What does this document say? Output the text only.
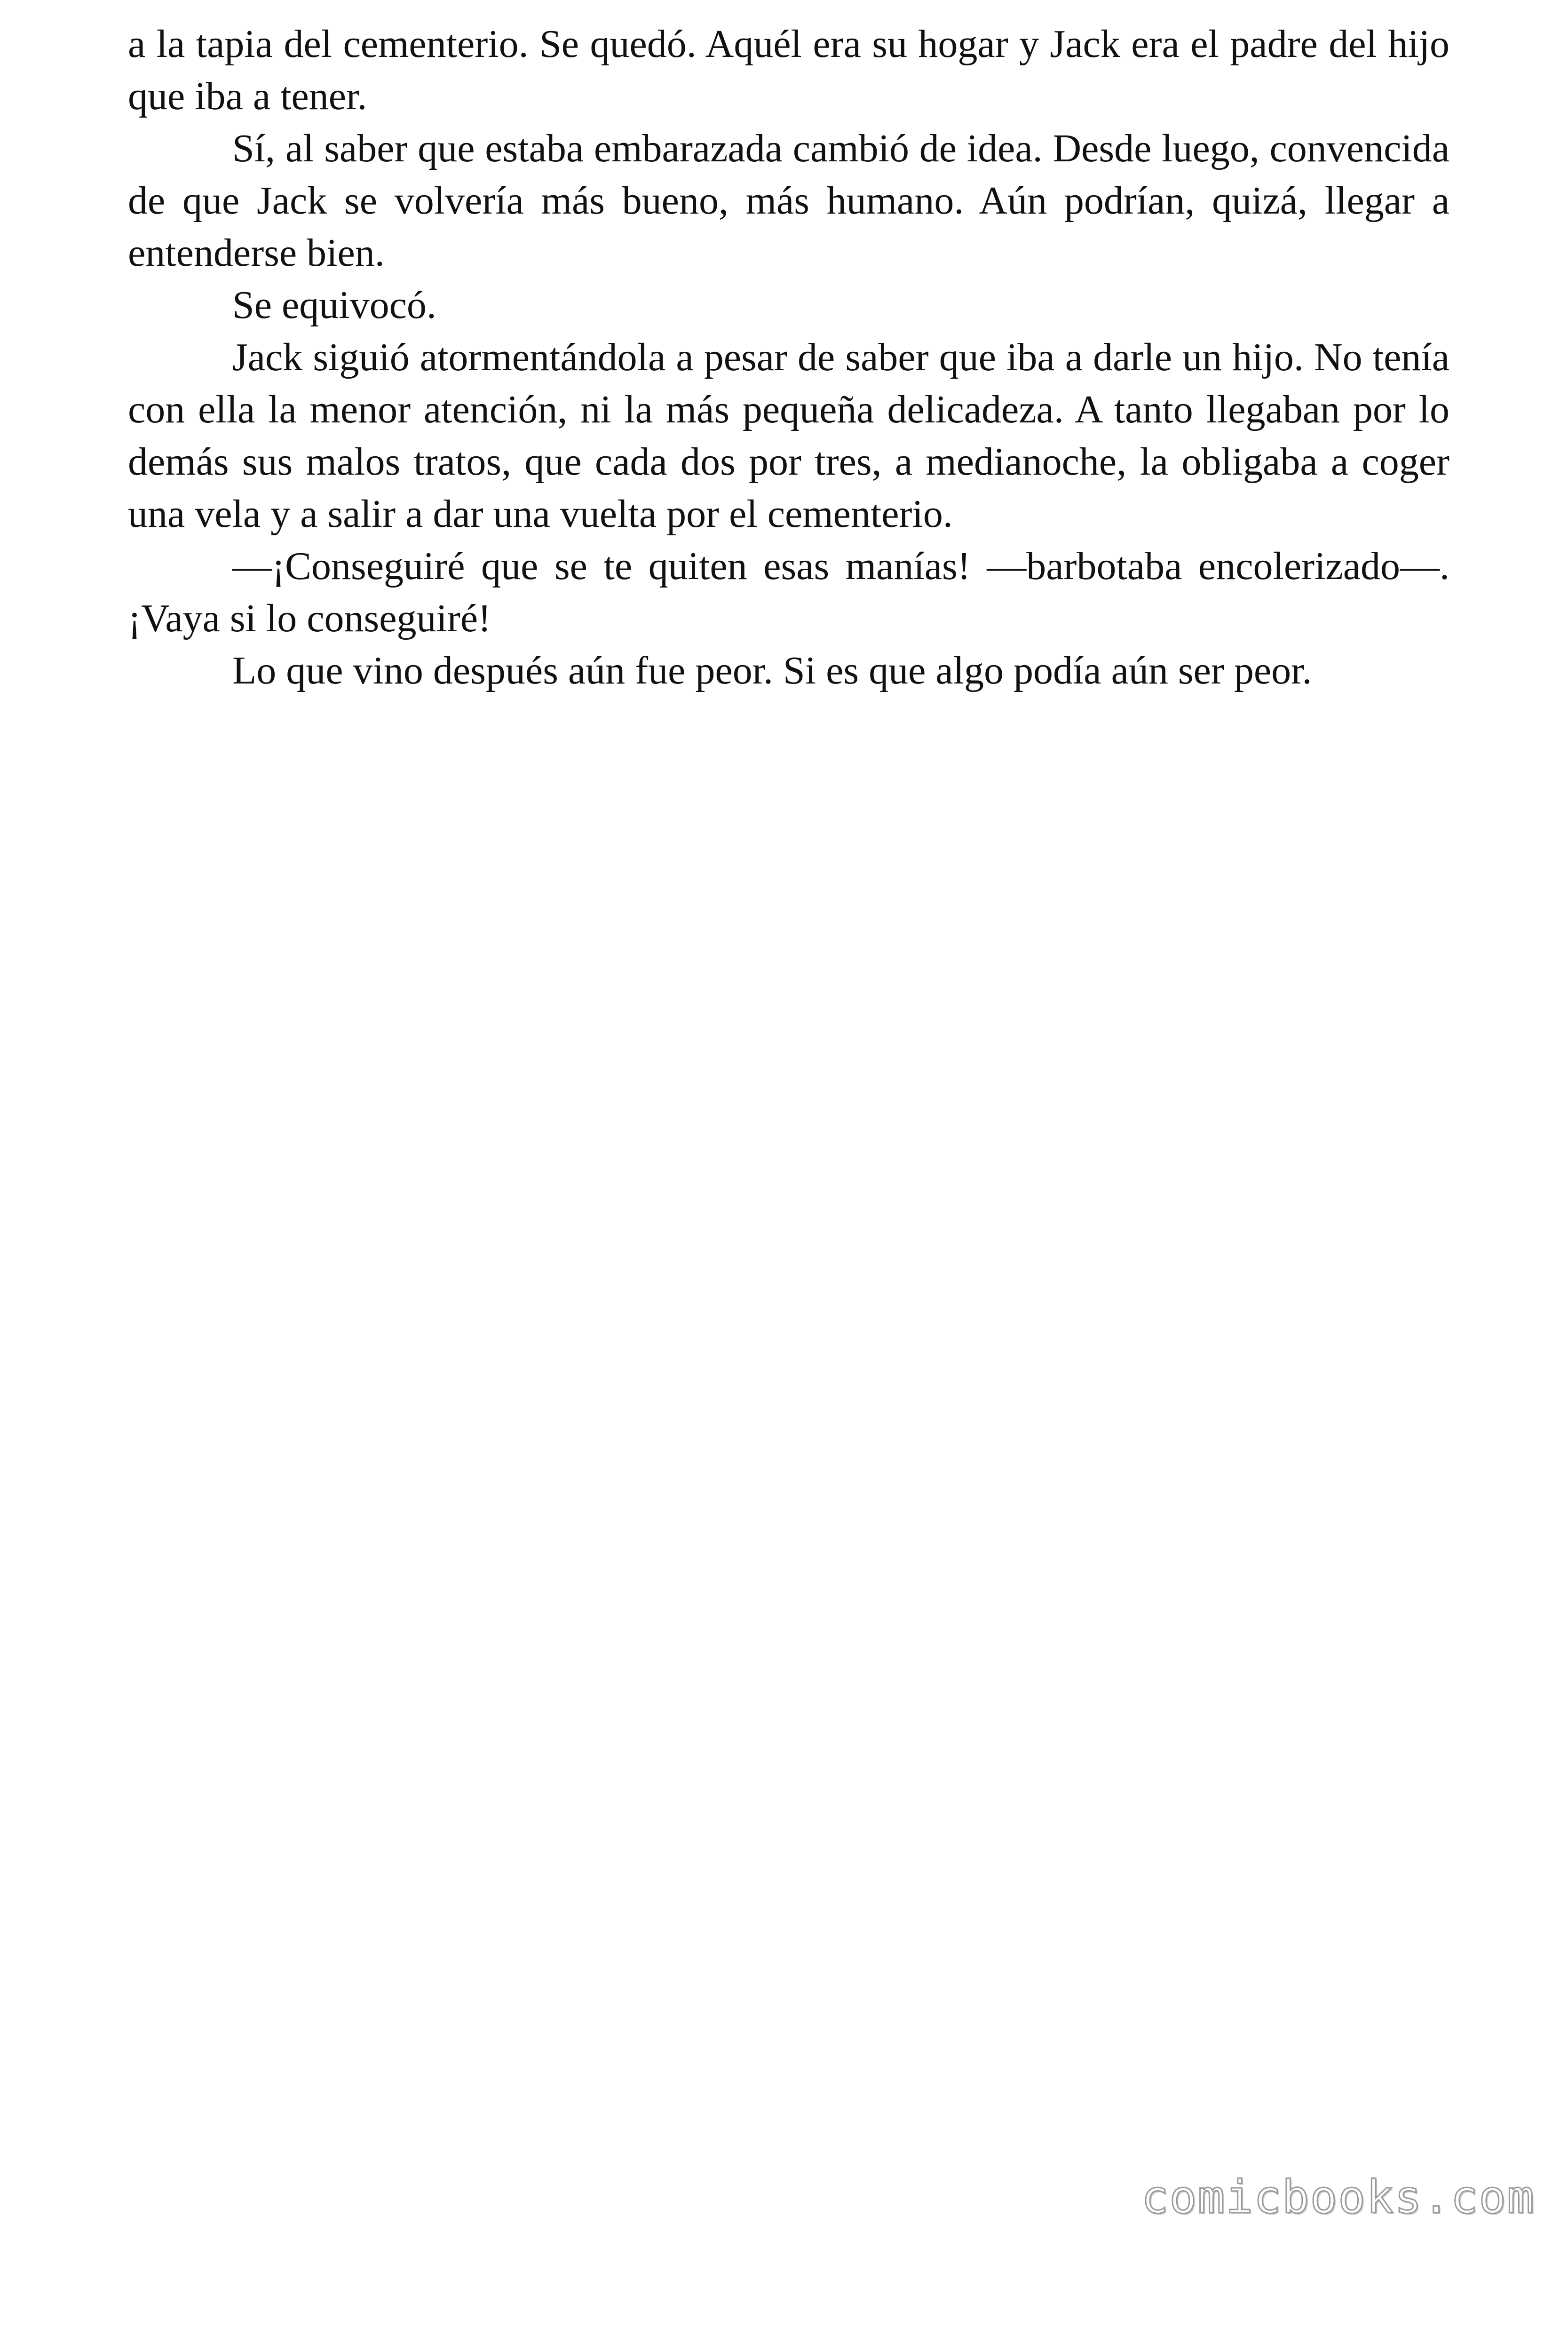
a la tapia del cementerio. Se quedó. Aquél era su hogar y Jack era el padre del hijo que iba a tener.

Sí, al saber que estaba embarazada cambió de idea. Desde luego, convencida de que Jack se volvería más bueno, más humano. Aún podrían, quizá, llegar a entenderse bien.

Se equivocó.

Jack siguió atormentándola a pesar de saber que iba a darle un hijo. No tenía con ella la menor atención, ni la más pequeña delicadeza. A tanto llegaban por lo demás sus malos tratos, que cada dos por tres, a medianoche, la obligaba a coger una vela y a salir a dar una vuelta por el cementerio.

—¡Conseguiré que se te quiten esas manías! —barbotaba encolerizado—. ¡Vaya si lo conseguiré!

Lo que vino después aún fue peor. Si es que algo podía aún ser peor.

comicbooks.com
